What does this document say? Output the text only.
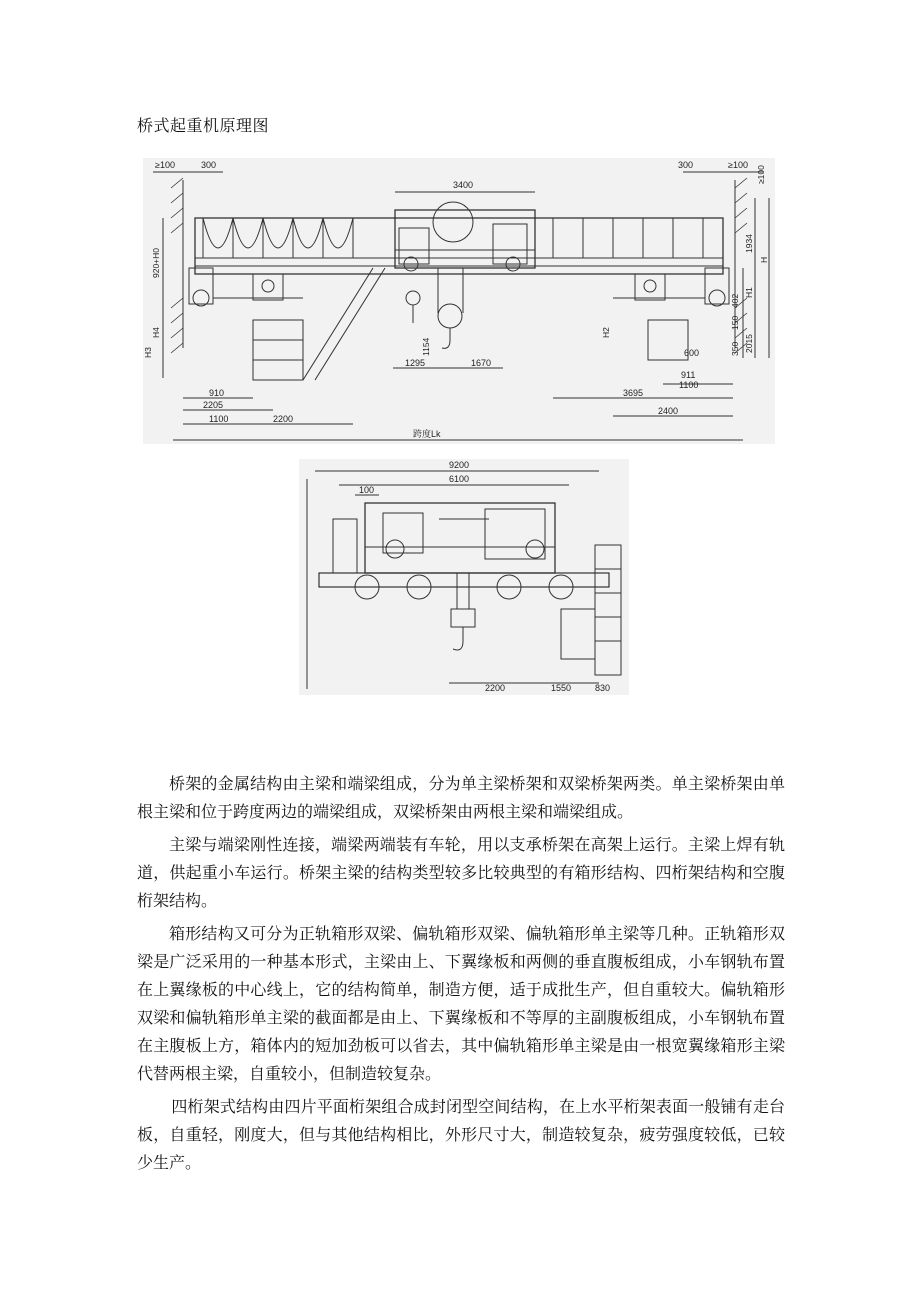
桥式起重机原理图
≥100	300	300	≥100
≥100
3400
920+H0
1934
H
402
H1
150
350 2015
H4
H3
H2
1154	600
1295	1670
911
1100
3695
2400
910
2205
1100	2200
跨度Lk
9200
6100
100
2200	1550	830

桥架的金属结构由主梁和端梁组成，分为单主梁桥架和双梁桥架两类。单主梁桥架由单根主梁和位于跨度两边的端梁组成，双梁桥架由两根主梁和端梁组成。

主梁与端梁刚性连接，端梁两端装有车轮，用以支承桥架在高架上运行。主梁上焊有轨道，供起重小车运行。桥架主梁的结构类型较多比较典型的有箱形结构、四桁架结构和空腹桁架结构。

箱形结构又可分为正轨箱形双梁、偏轨箱形双梁、偏轨箱形单主梁等几种。正轨箱形双梁是广泛采用的一种基本形式，主梁由上、下翼缘板和两侧的垂直腹板组成，小车钢轨布置在上翼缘板的中心线上，它的结构简单，制造方便，适于成批生产，但自重较大。偏轨箱形双梁和偏轨箱形单主梁的截面都是由上、下翼缘板和不等厚的主副腹板组成，小车钢轨布置在主腹板上方，箱体内的短加劲板可以省去，其中偏轨箱形单主梁是由一根宽翼缘箱形主梁代替两根主梁，自重较小，但制造较复杂。

四桁架式结构由四片平面桁架组合成封闭型空间结构，在上水平桁架表面一般铺有走台板，自重轻，刚度大，但与其他结构相比，外形尺寸大，制造较复杂，疲劳强度较低，已较少生产。
